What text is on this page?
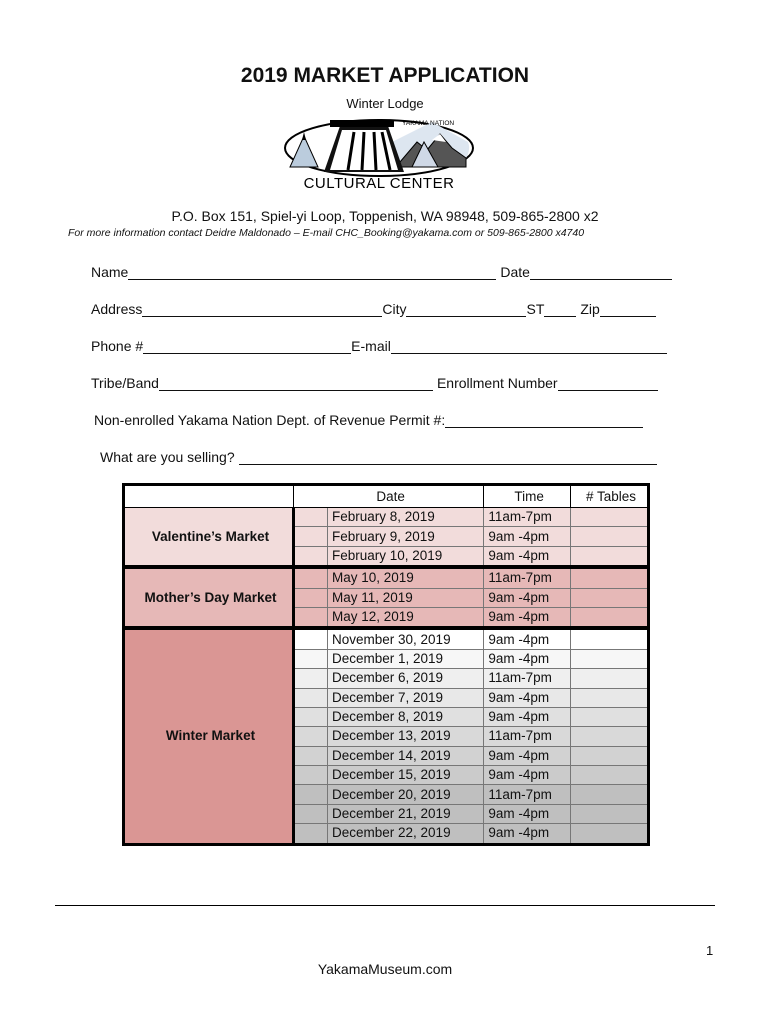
2019 MARKET APPLICATION
Winter Lodge
YAKAMA NATION
CULTURAL CENTER
P.O. Box 151, Spiel-yi Loop, Toppenish, WA 98948, 509-865-2800 x2
For more information contact Deidre Maldonado – E-mail CHC_Booking@yakama.com or 509-865-2800 x4740
Name	Date
Address	City	ST	Zip
Phone #	E-mail
Tribe/Band	Enrollment Number
Non-enrolled Yakama Nation Dept. of Revenue Permit #:
What are you selling?
	Date		Time	# Tables
Valentine’s Market		February 8, 2019	11am-7pm	
		February 9, 2019	9am -4pm	
		February 10, 2019	9am -4pm	
Mother’s Day Market		May 10, 2019	11am-7pm	
		May 11, 2019	9am -4pm	
		May 12, 2019	9am -4pm	
Winter Market		November 30, 2019	9am -4pm	
		December 1, 2019	9am -4pm	
		December 6, 2019	11am-7pm	
		December 7, 2019	9am -4pm	
		December 8, 2019	9am -4pm	
		December 13, 2019	11am-7pm	
		December 14, 2019	9am -4pm	
		December 15, 2019	9am -4pm	
		December 20, 2019	11am-7pm	
		December 21, 2019	9am -4pm	
		December 22, 2019	9am -4pm	
1
YakamaMuseum.com
